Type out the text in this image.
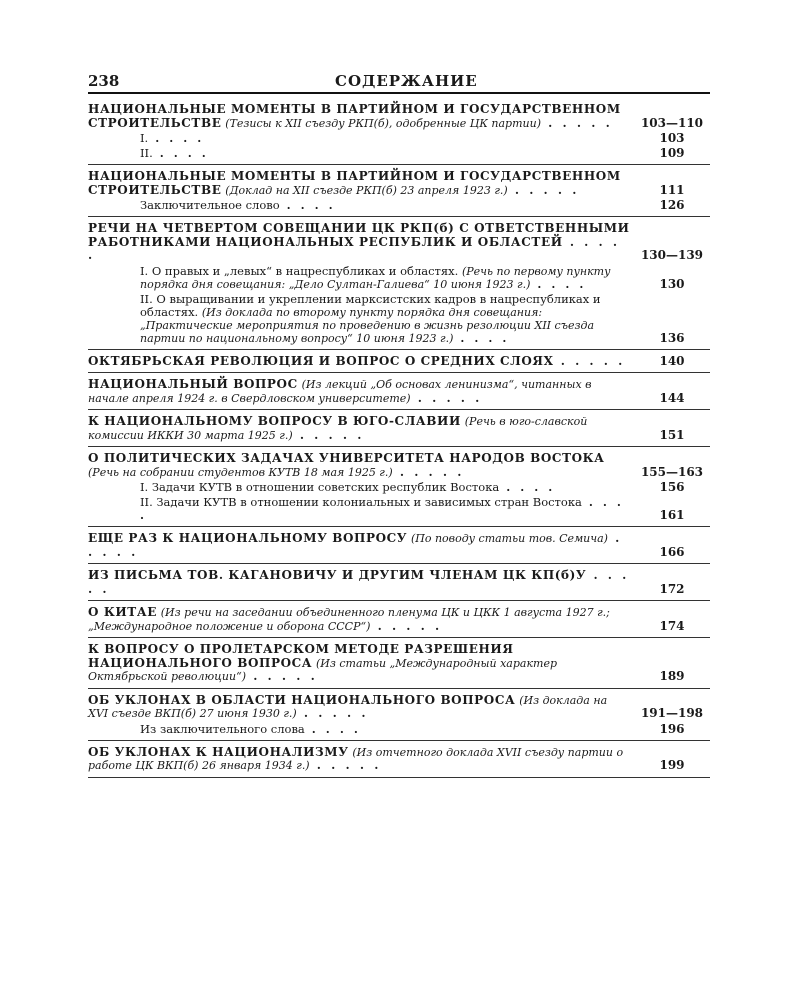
238	СОДЕРЖАНИЕ
НАЦИОНАЛЬНЫЕ МОМЕНТЫ В ПАРТИЙНОМ И ГОСУДАРСТВЕННОМ СТРОИТЕЛЬСТВЕ (Тезисы к XII съезду РКП(б), одобренные ЦК партии) . . . . .	103—110
I. . . . .	103
II. . . . .	109
НАЦИОНАЛЬНЫЕ МОМЕНТЫ В ПАРТИЙНОМ И ГОСУДАРСТВЕННОМ СТРОИТЕЛЬСТВЕ (Доклад на XII съезде РКП(б) 23 апреля 1923 г.) . . . . .	111
Заключительное слово . . . .	126
РЕЧИ НА ЧЕТВЕРТОМ СОВЕЩАНИИ ЦК РКП(б) С ОТВЕТСТВЕННЫМИ РАБОТНИКАМИ НАЦИОНАЛЬНЫХ РЕСПУБЛИК И ОБЛАСТЕЙ . . . . .	130—139
I. О правых и „левых“ в нацреспубликах и областях. (Речь по первому пункту порядка дня совещания: „Дело Султан-Галиева“ 10 июня 1923 г.) . . . .	130
II. О выращивании и укреплении марксистских кадров в нацреспубликах и областях. (Из доклада по второму пункту порядка дня совещания: „Практические мероприятия по проведению в жизнь резолюции XII съезда партии по национальному вопросу“ 10 июня 1923 г.) . . . .	136
ОКТЯБРЬСКАЯ РЕВОЛЮЦИЯ И ВОПРОС О СРЕДНИХ СЛОЯХ . . . . .	140
НАЦИОНАЛЬНЫЙ ВОПРОС (Из лекций „Об основах ленинизма“, читанных в начале апреля 1924 г. в Свердловском университете) . . . . .	144
К НАЦИОНАЛЬНОМУ ВОПРОСУ В ЮГО-СЛАВИИ (Речь в юго-славской комиссии ИККИ 30 марта 1925 г.) . . . . .	151
О ПОЛИТИЧЕСКИХ ЗАДАЧАХ УНИВЕРСИТЕТА НАРОДОВ ВОСТОКА (Речь на собрании студентов КУТВ 18 мая 1925 г.) . . . . .	155—163
I. Задачи КУТВ в отношении советских республик Востока . . . .	156
II. Задачи КУТВ в отношении колониальных и зависимых стран Востока . . . .	161
ЕЩЕ РАЗ К НАЦИОНАЛЬНОМУ ВОПРОСУ (По поводу статьи тов. Семича) . . . . .	166
ИЗ ПИСЬМА ТОВ. КАГАНОВИЧУ И ДРУГИМ ЧЛЕНАМ ЦК КП(б)У . . . . .	172
О КИТАЕ (Из речи на заседании объединенного пленума ЦК и ЦКК 1 августа 1927 г.; „Международное положение и оборона СССР“) . . . . .	174
К ВОПРОСУ О ПРОЛЕТАРСКОМ МЕТОДЕ РАЗРЕШЕНИЯ НАЦИОНАЛЬНОГО ВОПРОСА (Из статьи „Международный характер Октябрьской революции“) . . . . .	189
ОБ УКЛОНАХ В ОБЛАСТИ НАЦИОНАЛЬНОГО ВОПРОСА (Из доклада на XVI съезде ВКП(б) 27 июня 1930 г.) . . . . .	191—198
Из заключительного слова . . . .	196
ОБ УКЛОНАХ К НАЦИОНАЛИЗМУ (Из отчетного доклада XVII съезду партии о работе ЦК ВКП(б) 26 января 1934 г.) . . . . .	199
